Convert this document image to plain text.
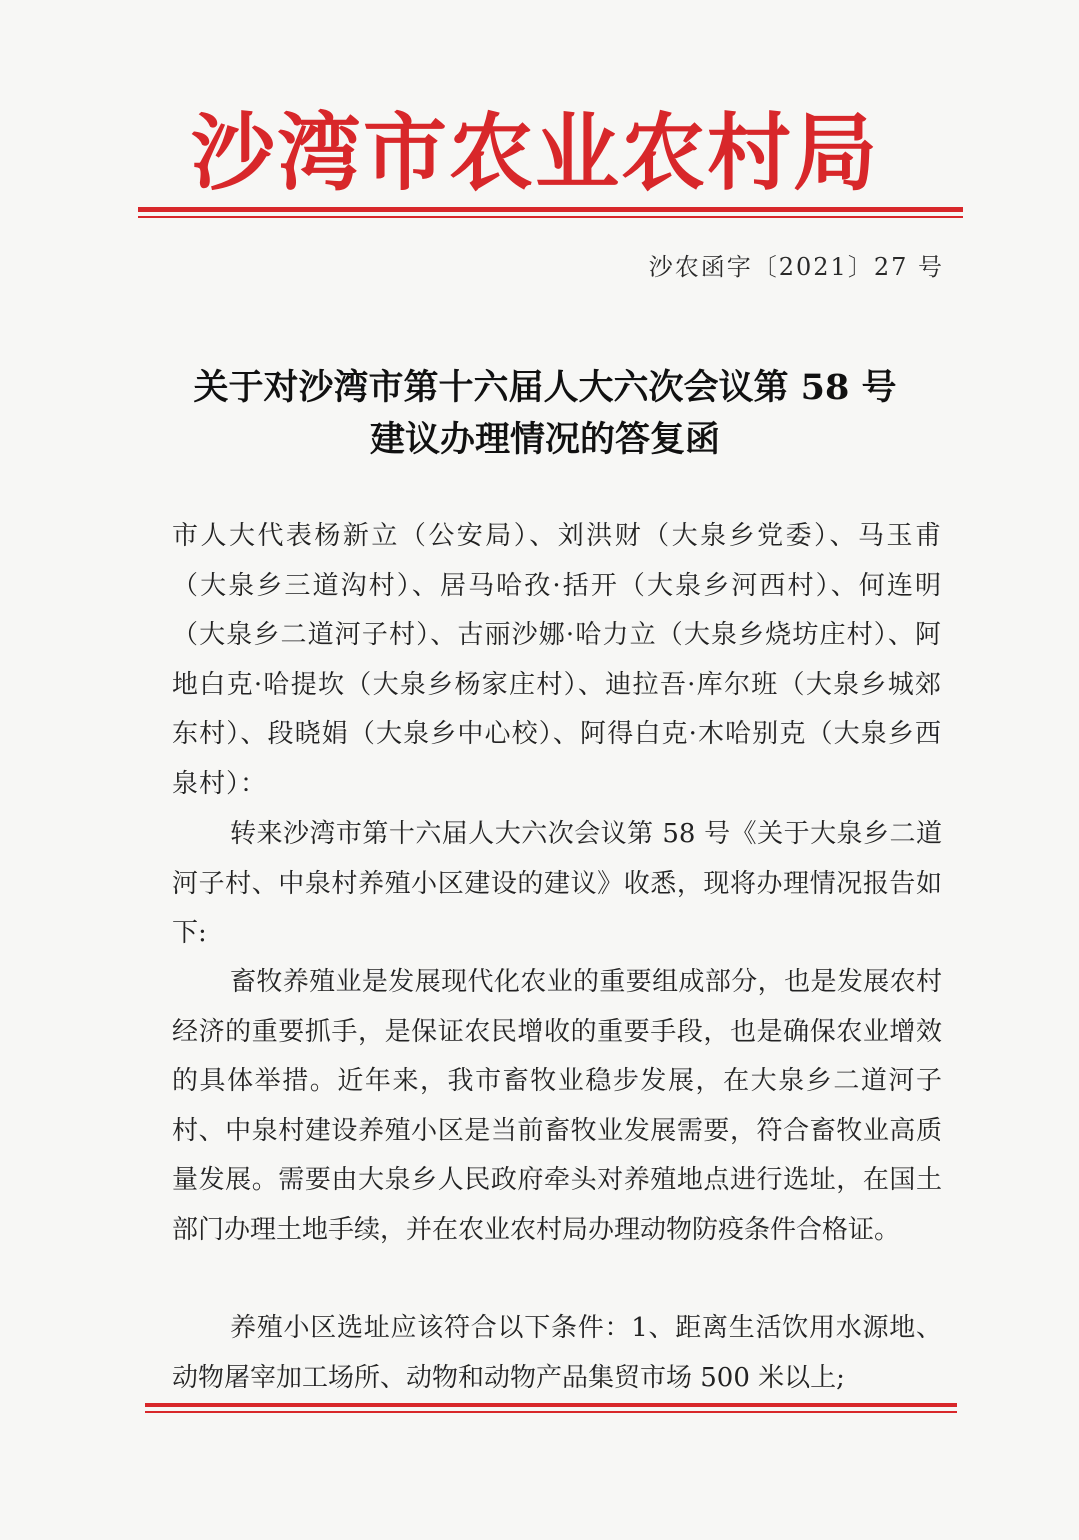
沙湾市农业农村局
沙农函字〔2021〕27 号
关于对沙湾市第十六届人大六次会议第 58 号
建议办理情况的答复函

市人大代表杨新立（公安局）、刘洪财（大泉乡党委）、马玉甫（大泉乡三道沟村）、居马哈孜·括开（大泉乡河西村）、何连明（大泉乡二道河子村）、古丽沙娜·哈力立（大泉乡烧坊庄村）、阿地白克·哈提坎（大泉乡杨家庄村）、迪拉吾·库尔班（大泉乡城郊东村）、段晓娟（大泉乡中心校）、阿得白克·木哈别克（大泉乡西泉村）：

转来沙湾市第十六届人大六次会议第 58 号《关于大泉乡二道河子村、中泉村养殖小区建设的建议》收悉，现将办理情况报告如下:

畜牧养殖业是发展现代化农业的重要组成部分，也是发展农村经济的重要抓手，是保证农民增收的重要手段，也是确保农业增效的具体举措。近年来，我市畜牧业稳步发展，在大泉乡二道河子村、中泉村建设养殖小区是当前畜牧业发展需要，符合畜牧业高质量发展。需要由大泉乡人民政府牵头对养殖地点进行选址，在国土部门办理土地手续，并在农业农村局办理动物防疫条件合格证。

养殖小区选址应该符合以下条件：1、距离生活饮用水源地、动物屠宰加工场所、动物和动物产品集贸市场 500 米以上;
